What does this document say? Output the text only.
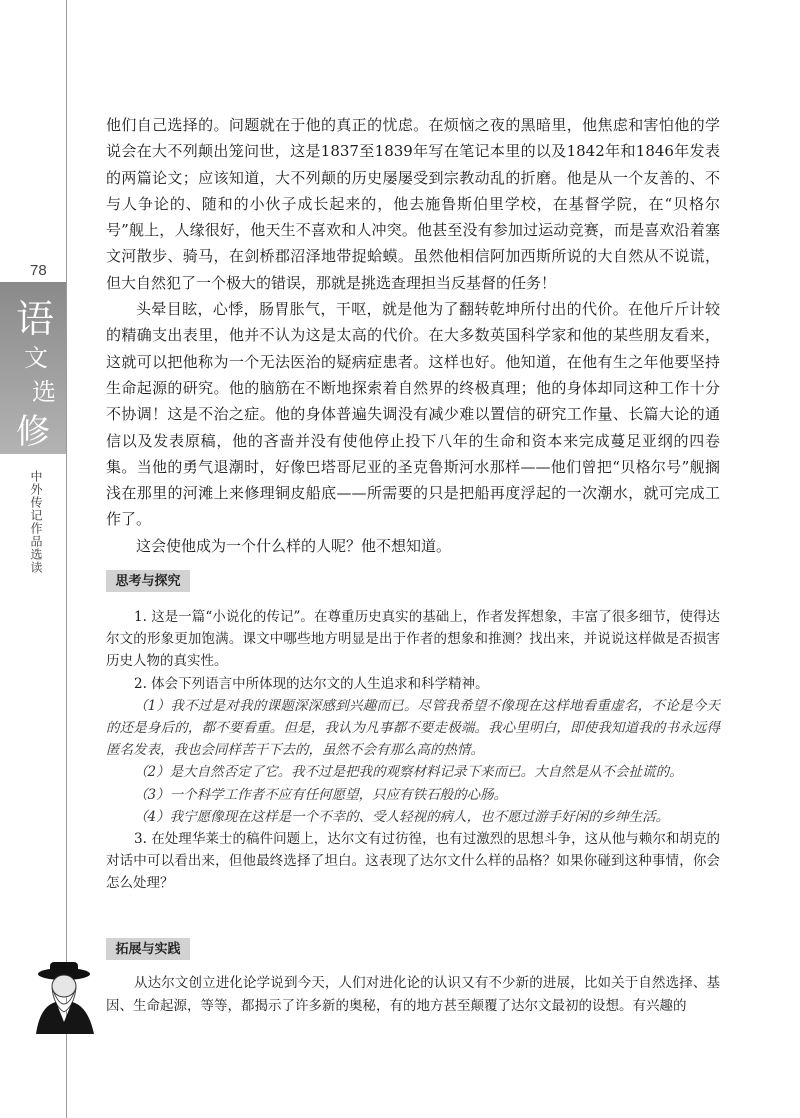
78
语
文
选
修
中外传记作品选读

他们自己选择的。问题就在于他的真正的忧虑。在烦恼之夜的黑暗里，他焦虑和害怕他的学说会在大不列颠出笼问世，这是1837至1839年写在笔记本里的以及1842年和1846年发表的两篇论文；应该知道，大不列颠的历史屡屡受到宗教动乱的折磨。他是从一个友善的、不与人争论的、随和的小伙子成长起来的，他去施鲁斯伯里学校，在基督学院，在“贝格尔号”舰上，人缘很好，他天生不喜欢和人冲突。他甚至没有参加过运动竞赛，而是喜欢沿着塞文河散步、骑马，在剑桥郡沼泽地带捉蛤蟆。虽然他相信阿加西斯所说的大自然从不说谎，但大自然犯了一个极大的错误，那就是挑选查理担当反基督的任务！

头晕目眩，心悸，肠胃胀气，干呕，就是他为了翻转乾坤所付出的代价。在他斤斤计较的精确支出表里，他并不认为这是太高的代价。在大多数英国科学家和他的某些朋友看来，这就可以把他称为一个无法医治的疑病症患者。这样也好。他知道，在他有生之年他要坚持生命起源的研究。他的脑筋在不断地探索着自然界的终极真理；他的身体却同这种工作十分不协调！这是不治之症。他的身体普遍失调没有减少难以置信的研究工作量、长篇大论的通信以及发表原稿，他的吝啬并没有使他停止投下八年的生命和资本来完成蔓足亚纲的四卷集。当他的勇气退潮时，好像巴塔哥尼亚的圣克鲁斯河水那样——他们曾把“贝格尔号”舰搁浅在那里的河滩上来修理铜皮船底——所需要的只是把船再度浮起的一次潮水，就可完成工作了。

这会使他成为一个什么样的人呢？他不想知道。

思考与探究

1. 这是一篇“小说化的传记”。在尊重历史真实的基础上，作者发挥想象，丰富了很多细节，使得达尔文的形象更加饱满。课文中哪些地方明显是出于作者的想象和推测？找出来，并说说这样做是否损害历史人物的真实性。

2. 体会下列语言中所体现的达尔文的人生追求和科学精神。

（1）我不过是对我的课题深深感到兴趣而已。尽管我希望不像现在这样地看重虚名，不论是今天的还是身后的，都不要看重。但是，我认为凡事都不要走极端。我心里明白，即使我知道我的书永远得匿名发表，我也会同样苦干下去的，虽然不会有那么高的热情。

（2）是大自然否定了它。我不过是把我的观察材料记录下来而已。大自然是从不会扯谎的。

（3）一个科学工作者不应有任何愿望，只应有铁石般的心肠。

（4）我宁愿像现在这样是一个不幸的、受人轻视的病人，也不愿过游手好闲的乡绅生活。

3. 在处理华莱士的稿件问题上，达尔文有过彷徨，也有过激烈的思想斗争，这从他与赖尔和胡克的对话中可以看出来，但他最终选择了坦白。这表现了达尔文什么样的品格？如果你碰到这种事情，你会怎么处理？

拓展与实践

从达尔文创立进化论学说到今天，人们对进化论的认识又有不少新的进展，比如关于自然选择、基因、生命起源，等等，都揭示了许多新的奥秘，有的地方甚至颠覆了达尔文最初的设想。有兴趣的
